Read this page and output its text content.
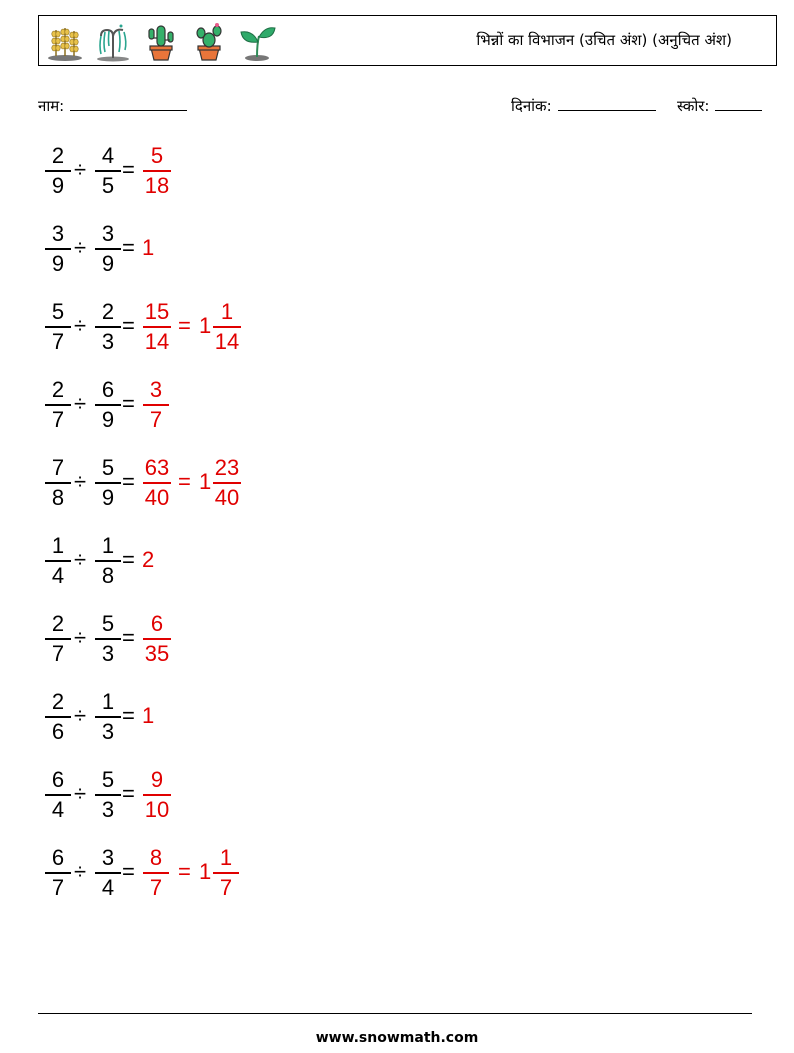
भिन्नों का विभाजन (उचित अंश) (अनुचित अंश)
नाम:	दिनांक:	स्कोर:
2
9
÷
4
5
=
5
18
3
9
÷
3
9
= 1
5
7
÷
2
3
=
15
14
= 1
1
14
2
7
÷
6
9
=
3
7
7
8
÷
5
9
=
63
40
= 1
23
40
1
4
÷
1
8
= 2
2
7
÷
5
3
=
6
35
2
6
÷
1
3
= 1
6
4
÷
5
3
=
9
10
6
7
÷
3
4
=
8
7
= 1
1
7
www.snowmath.com
